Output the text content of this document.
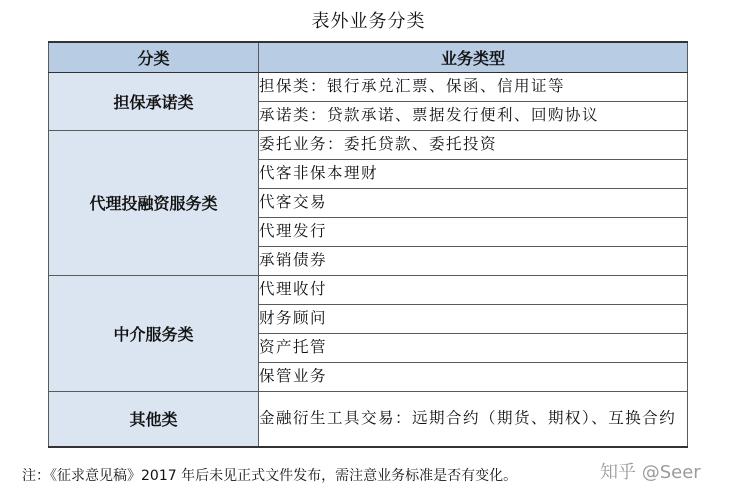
表外业务分类
分类	业务类型
担保承诺类	担保类：银行承兑汇票、保函、信用证等
	承诺类：贷款承诺、票据发行便利、回购协议
代理投融资服务类	委托业务：委托贷款、委托投资
	代客非保本理财
	代客交易
	代理发行
	承销债券
中介服务类	代理收付
	财务顾问
	资产托管
	保管业务
其他类	金融衍生工具交易：远期合约（期货、期权）、互换合约
注：《征求意见稿》2017 年后未见正式文件发布，需注意业务标准是否有变化。	知乎 @Seer
